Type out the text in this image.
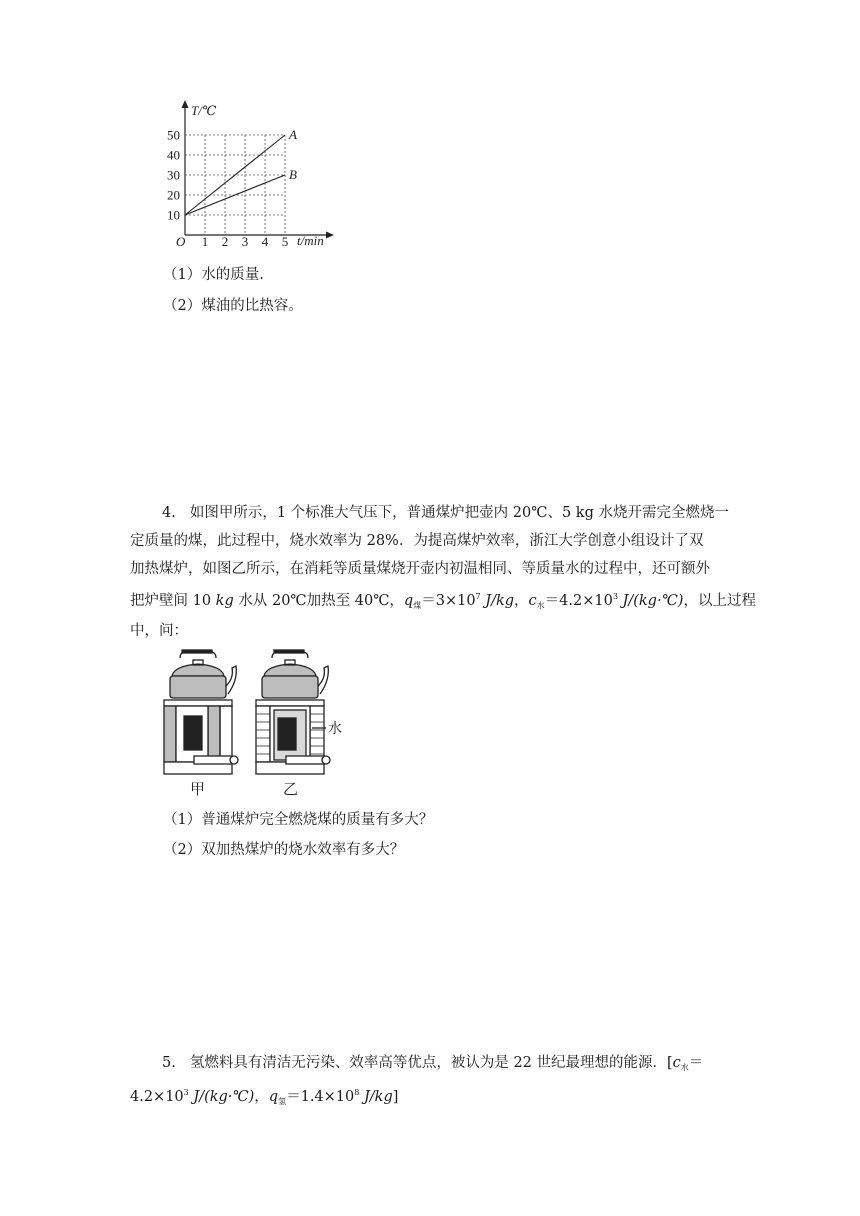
T/℃
t/min
O
10
20
30
40
50
1 2 3 4 5
A
B
（1）水的质量.
（2）煤油的比热容。
4. 如图甲所示，1 个标准大气压下，普通煤炉把壶内 20℃、5 kg 水烧开需完全燃烧一
定质量的煤，此过程中，烧水效率为 28%．为提高煤炉效率，浙江大学创意小组设计了双
加热煤炉，如图乙所示，在消耗等质量煤烧开壶内初温相同、等质量水的过程中，还可额外
把炉壁间 10 kg 水从 20℃加热至 40℃，$q_煤=3\times 10^7$ J/kg，$c_水=4.2\times 10^3$ J/(kg·℃)，以上过程
中，问：
甲
水
乙
（1）普通煤炉完全燃烧煤的质量有多大？
（2）双加热煤炉的烧水效率有多大？
5. 氢燃料具有清洁无污染、效率高等优点，被认为是 22 世纪最理想的能源．[$c_水=$
$4.2\times 10^3$ J/(kg·℃)，$q_氢=1.4\times 10^8$ J/kg]
